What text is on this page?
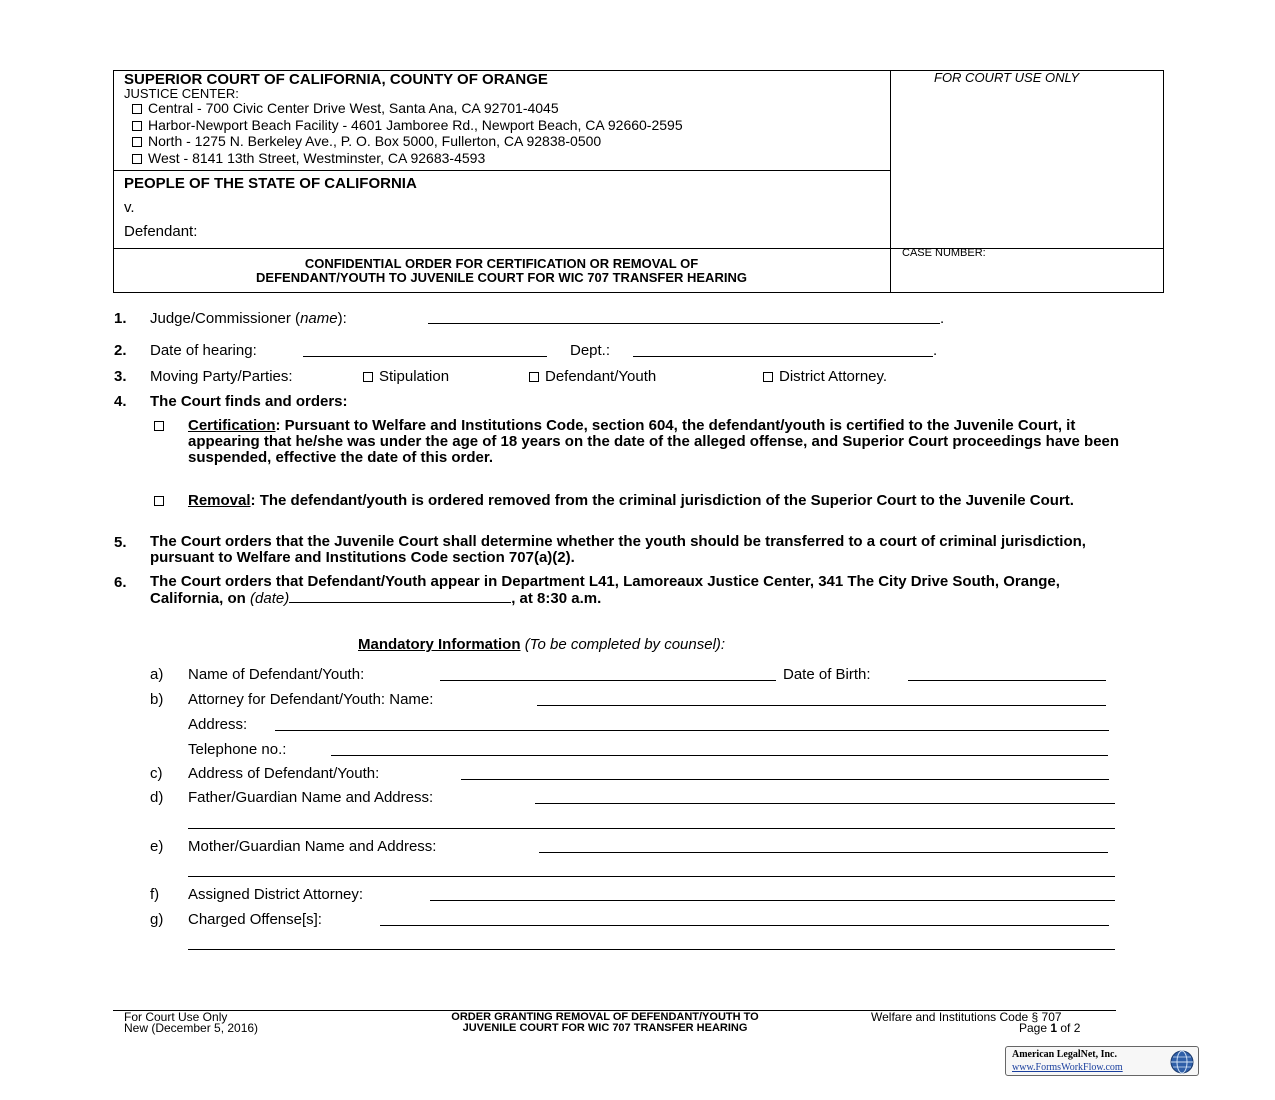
SUPERIOR COURT OF CALIFORNIA, COUNTY OF ORANGE
JUSTICE CENTER:
Central - 700 Civic Center Drive West, Santa Ana, CA 92701-4045
Harbor-Newport Beach Facility - 4601 Jamboree Rd., Newport Beach, CA 92660-2595
North - 1275 N. Berkeley Ave., P. O. Box 5000, Fullerton, CA 92838-0500
West - 8141 13th Street, Westminster, CA 92683-4593
FOR COURT USE ONLY
PEOPLE OF THE STATE OF CALIFORNIA
v.
Defendant:
CONFIDENTIAL ORDER FOR CERTIFICATION OR REMOVAL OF
DEFENDANT/YOUTH TO JUVENILE COURT FOR WIC 707 TRANSFER HEARING
CASE NUMBER:
1. Judge/Commissioner (name):	.
2. Date of hearing:	Dept.:	.
3. Moving Party/Parties:	Stipulation	Defendant/Youth	District Attorney.
4. The Court finds and orders:
Certification: Pursuant to Welfare and Institutions Code, section 604, the defendant/youth is certified to the Juvenile Court, it appearing that he/she was under the age of 18 years on the date of the alleged offense, and Superior Court proceedings have been suspended, effective the date of this order.
Removal: The defendant/youth is ordered removed from the criminal jurisdiction of the Superior Court to the Juvenile Court.
5. The Court orders that the Juvenile Court shall determine whether the youth should be transferred to a court of criminal jurisdiction, pursuant to Welfare and Institutions Code section 707(a)(2).
6. The Court orders that Defendant/Youth appear in Department L41, Lamoreaux Justice Center, 341 The City Drive South, Orange, California, on (date)	, at 8:30 a.m.
Mandatory Information (To be completed by counsel):
a) Name of Defendant/Youth:	Date of Birth:
b) Attorney for Defendant/Youth: Name:
Address:
Telephone no.:
c) Address of Defendant/Youth:
d) Father/Guardian Name and Address:
e) Mother/Guardian Name and Address:
f) Assigned District Attorney:
g) Charged Offense[s]:
For Court Use Only
New (December 5, 2016)
ORDER GRANTING REMOVAL OF DEFENDANT/YOUTH TO
JUVENILE COURT FOR WIC 707 TRANSFER HEARING
Welfare and Institutions Code § 707
Page 1 of 2
American LegalNet, Inc.
www.FormsWorkFlow.com
